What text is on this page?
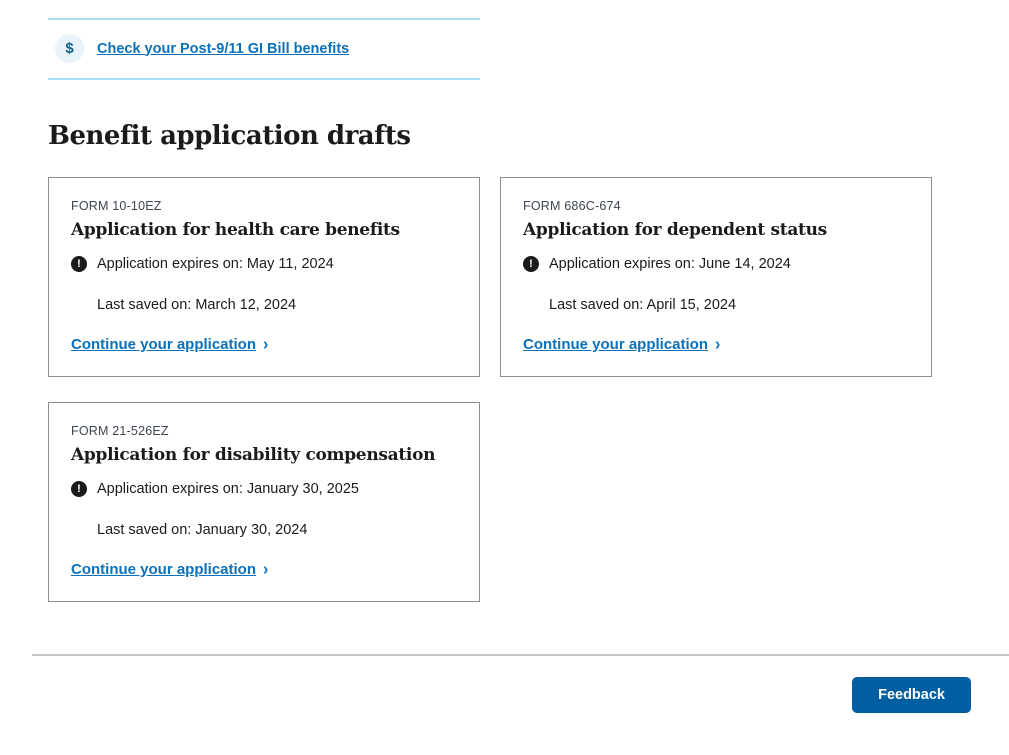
$	Check your Post-9/11 GI Bill benefits
Benefit application drafts
FORM 10-10EZ
Application for health care benefits
!	Application expires on: May 11, 2024
Last saved on: March 12, 2024
Continue your application ›
FORM 686C-674
Application for dependent status
!	Application expires on: June 14, 2024
Last saved on: April 15, 2024
Continue your application ›
FORM 21-526EZ
Application for disability compensation
!	Application expires on: January 30, 2025
Last saved on: January 30, 2024
Continue your application ›
Feedback
